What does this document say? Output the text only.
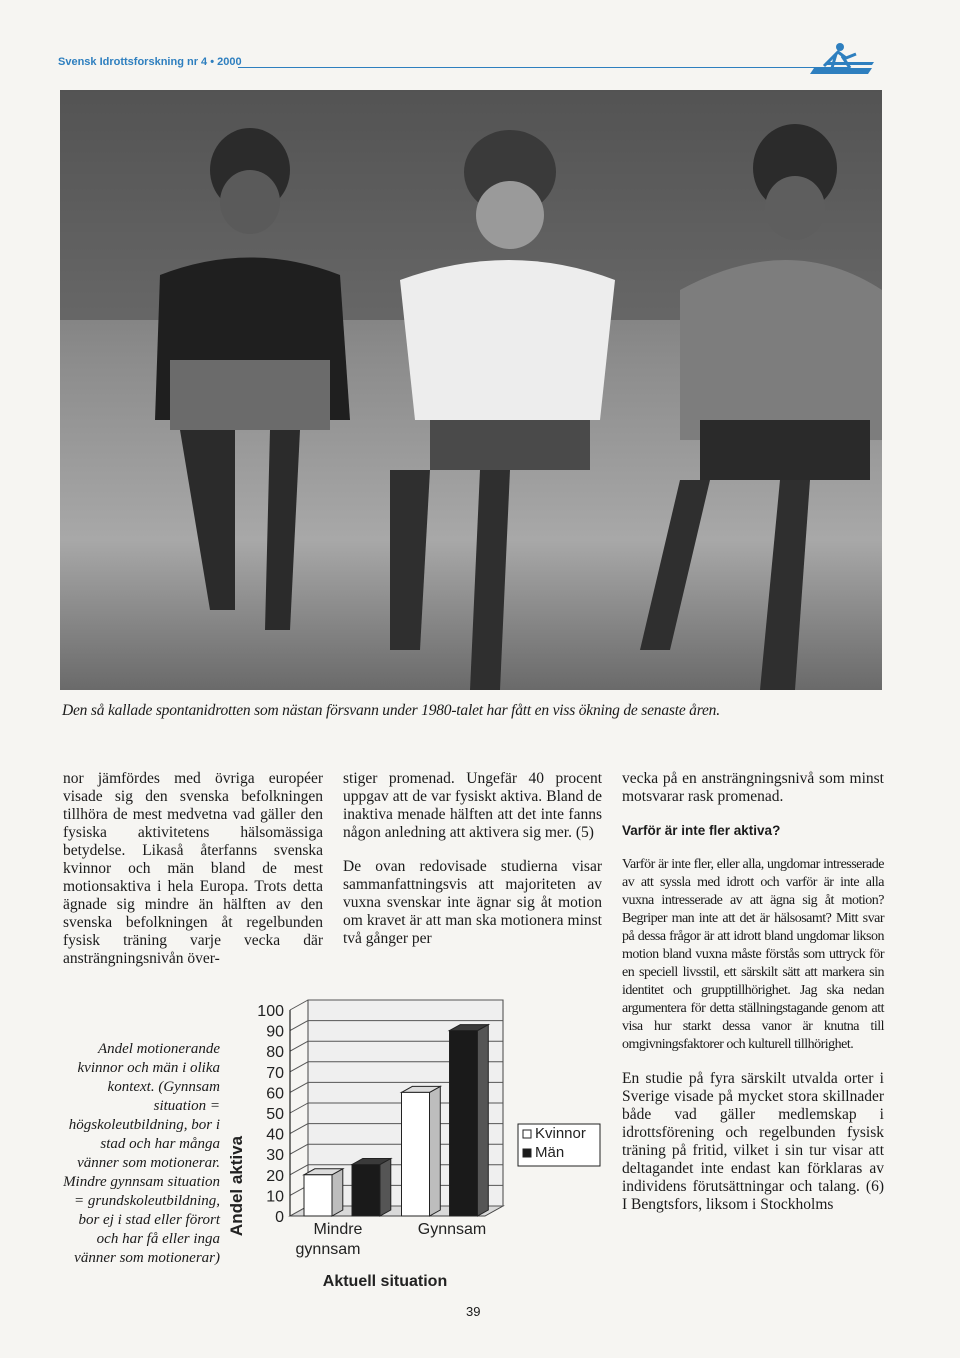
Svensk Idrottsforskning nr 4 • 2000
Den så kallade spontanidrotten som nästan försvann under 1980-talet har fått en viss ökning de senaste åren.

nor jämfördes med övriga européer visade sig den svenska befolkningen tillhöra de mest medvetna vad gäller den fysiska aktivitetens hälsomässiga betydelse. Likaså återfanns svenska kvinnor och män bland de mest motionsaktiva i hela Europa. Trots detta ägnade sig mindre än hälften av den svenska befolkningen åt regelbunden fysisk träning varje vecka där ansträngningsnivån över-

stiger promenad. Ungefär 40 procent uppgav att de var fysiskt aktiva. Bland de inaktiva menade hälften att det inte fanns någon anledning att aktivera sig mer. (5)

De ovan redovisade studierna visar sammanfattningsvis att majoriteten av vuxna svenskar inte ägnar sig åt motion om kravet är att man ska motionera minst två gånger per

vecka på en ansträngningsnivå som minst motsvarar rask promenad.

Varför är inte fler aktiva?

Varför är inte fler, eller alla, ungdomar intresserade av att syssla med idrott och varför är inte alla vuxna intresserade av att ägna sig åt motion? Begriper man inte att det är hälsosamt? Mitt svar på dessa frågor är att idrott bland ungdomar likson motion bland vuxna måste förstås som uttryck för en speciell livsstil, ett särskilt sätt att markera sin identitet och grupptillhörighet. Jag ska nedan argumentera för detta ställningstagande genom att visa hur starkt dessa vanor är knutna till omgivningsfaktorer och kulturell tillhörighet.

En studie på fyra särskilt utvalda orter i Sverige visade på mycket stora skillnader både vad gäller medlemskap i idrottsförening och regelbunden fysisk träning på fritid, vilket i sin tur visar att deltagandet inte endast kan förklaras av individens förutsättningar och talang. (6) I Bengtsfors, liksom i Stockholms

Andel motionerande kvinnor och män i olika kontext. (Gynnsam situation = högskoleutbildning, bor i stad och har många vänner som motionerar. Mindre gynnsam situation = grundskoleutbildning, bor ej i stad eller förort och har få eller inga vänner som motionerar)
Andel aktiva
Aktuell situation
0
10
20
30
40
50
60
70
80
90
100
Mindre
gynnsam
Gynnsam
Kvinnor
Män
39
